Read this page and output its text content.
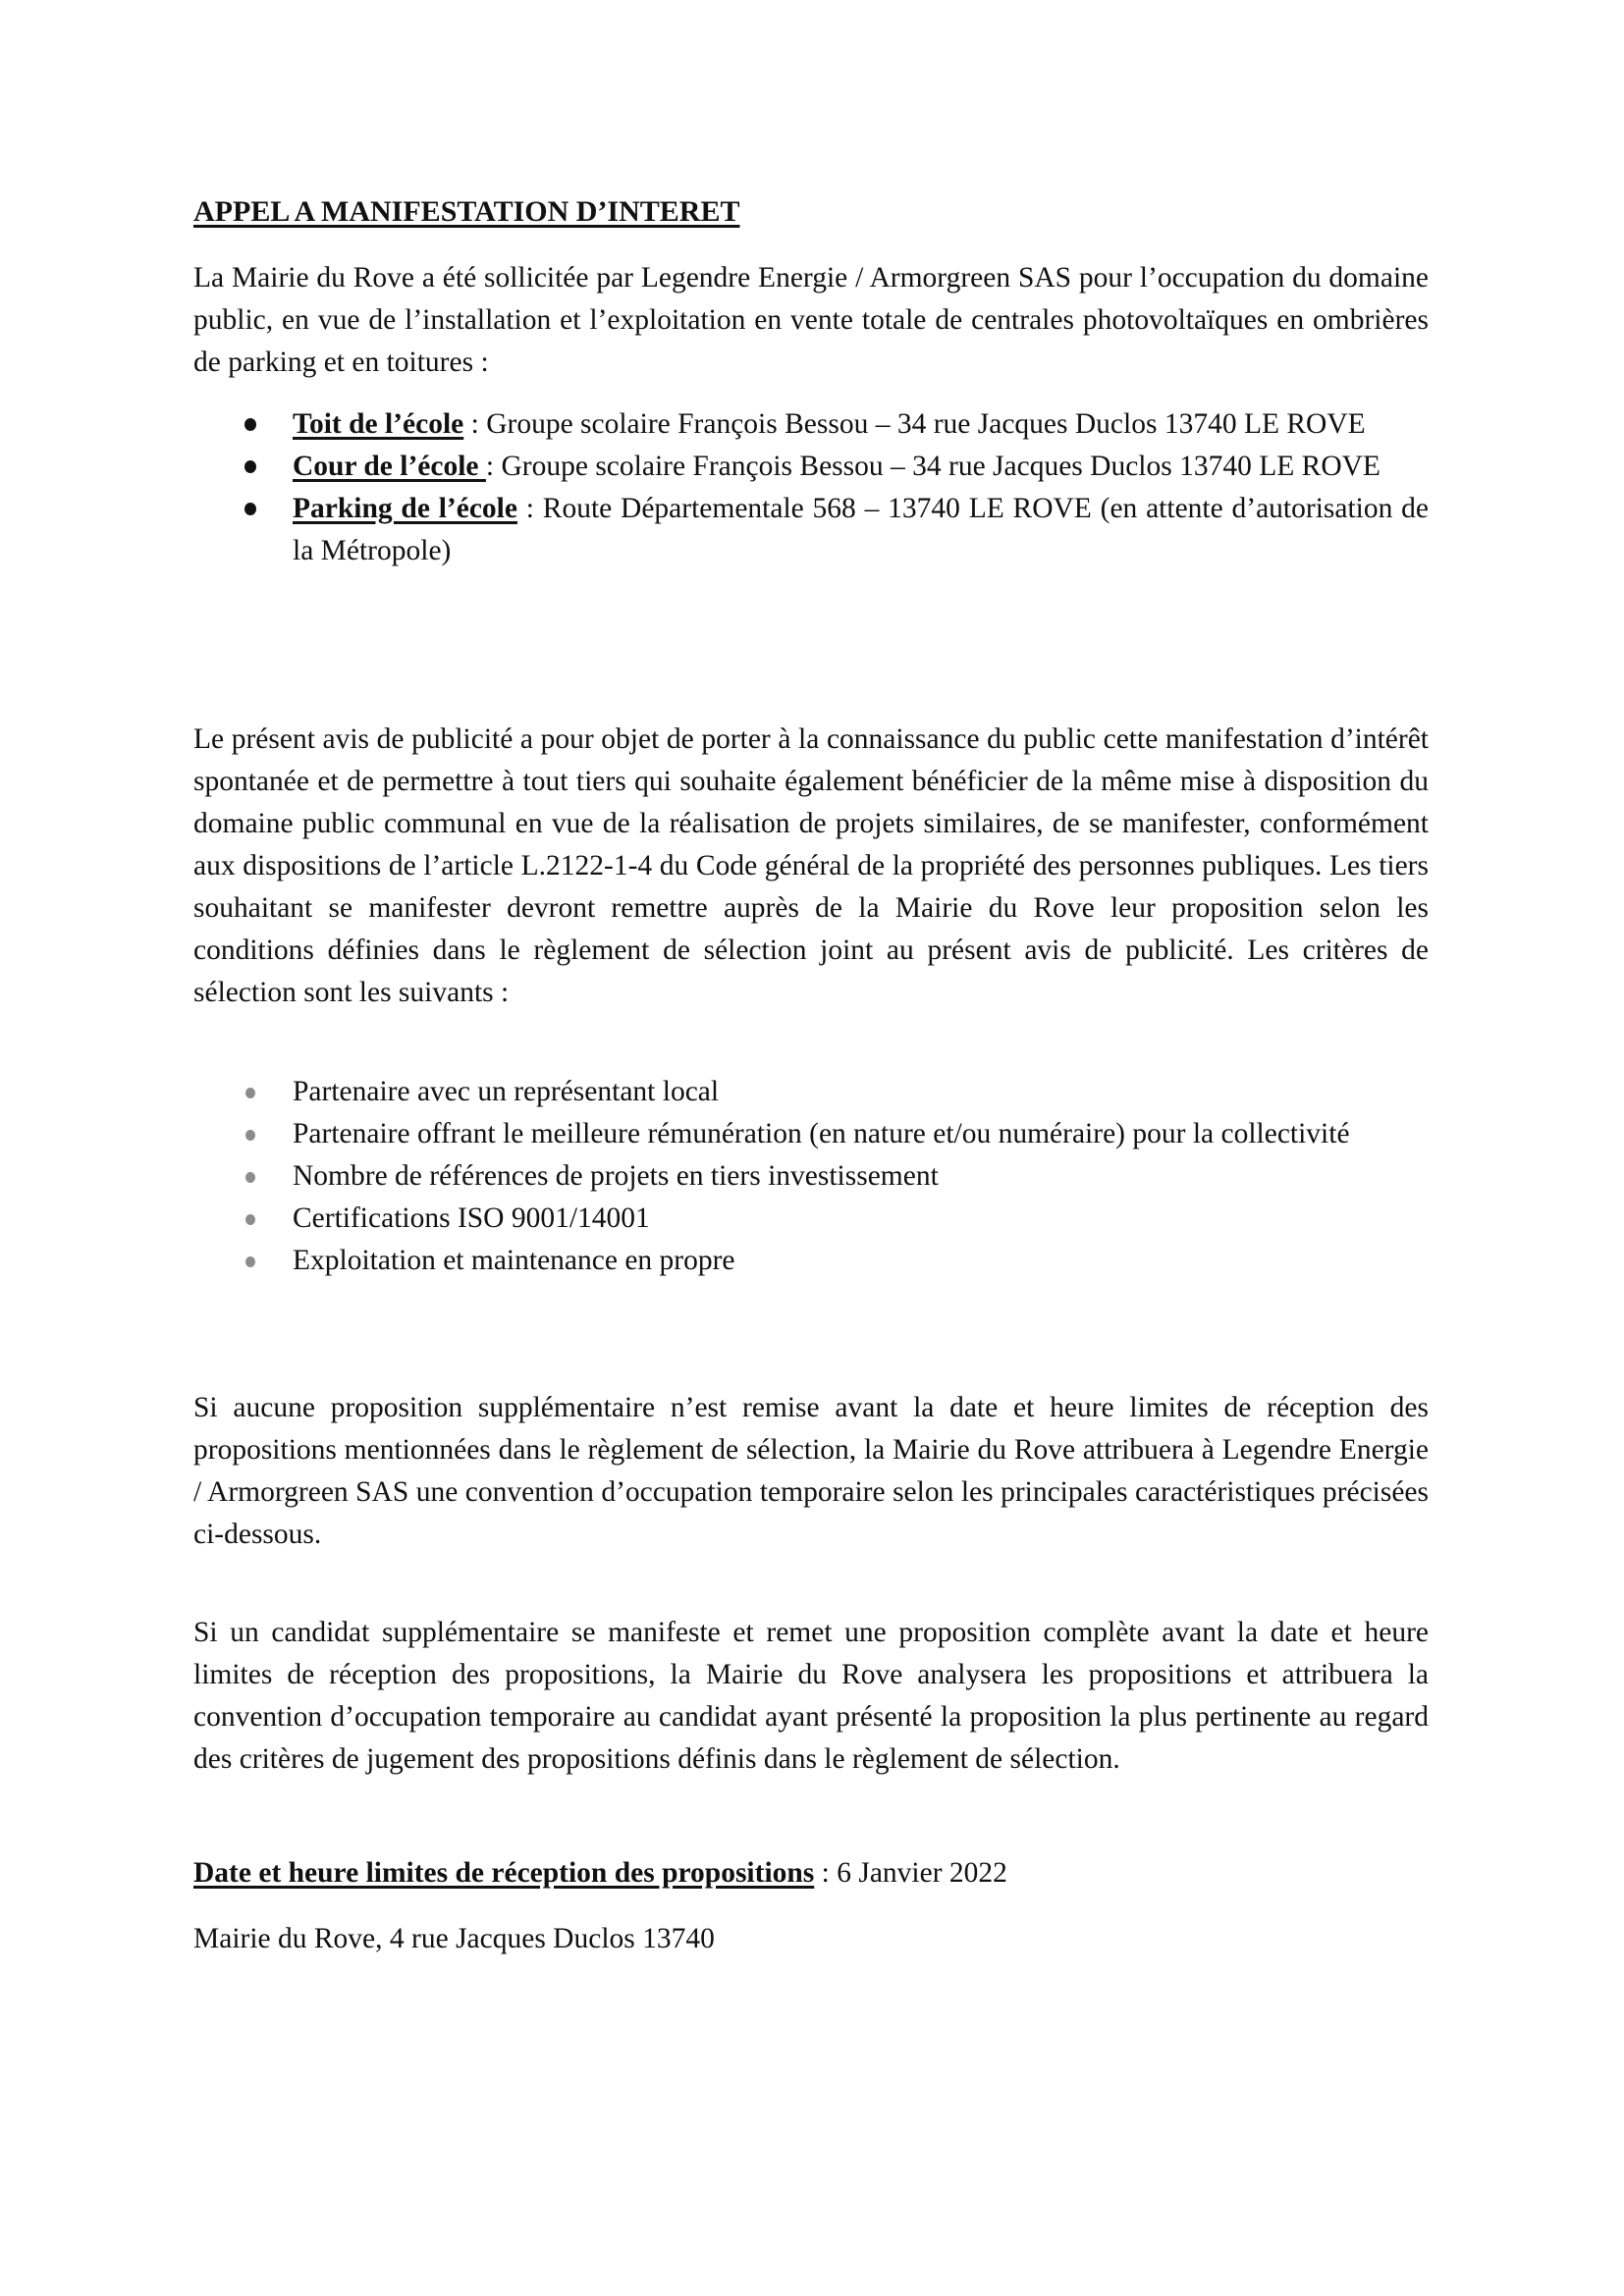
APPEL A MANIFESTATION D’INTERET

La Mairie du Rove a été sollicitée par Legendre Energie / Armorgreen SAS pour l’occupation du domaine public, en vue de l’installation et l’exploitation en vente totale de centrales photovoltaïques en ombrières de parking et en toitures :

Toit de l’école : Groupe scolaire François Bessou – 34 rue Jacques Duclos 13740 LE ROVE
Cour de l’école : Groupe scolaire François Bessou – 34 rue Jacques Duclos 13740 LE ROVE
Parking de l’école : Route Départementale 568 – 13740 LE ROVE (en attente d’autorisation de la Métropole)

Le présent avis de publicité a pour objet de porter à la connaissance du public cette manifestation d’intérêt spontanée et de permettre à tout tiers qui souhaite également bénéficier de la même mise à disposition du domaine public communal en vue de la réalisation de projets similaires, de se manifester, conformément aux dispositions de l’article L.2122-1-4 du Code général de la propriété des personnes publiques. Les tiers souhaitant se manifester devront remettre auprès de la Mairie du Rove leur proposition selon les conditions définies dans le règlement de sélection joint au présent avis de publicité. Les critères de sélection sont les suivants :

Partenaire avec un représentant local
Partenaire offrant le meilleure rémunération (en nature et/ou numéraire) pour la collectivité
Nombre de références de projets en tiers investissement
Certifications ISO 9001/14001
Exploitation et maintenance en propre

Si aucune proposition supplémentaire n’est remise avant la date et heure limites de réception des propositions mentionnées dans le règlement de sélection, la Mairie du Rove attribuera à Legendre Energie / Armorgreen SAS une convention d’occupation temporaire selon les principales caractéristiques précisées ci-dessous.

Si un candidat supplémentaire se manifeste et remet une proposition complète avant la date et heure limites de réception des propositions, la Mairie du Rove analysera les propositions et attribuera la convention d’occupation temporaire au candidat ayant présenté la proposition la plus pertinente au regard des critères de jugement des propositions définis dans le règlement de sélection.

Date et heure limites de réception des propositions : 6 Janvier 2022

Mairie du Rove, 4 rue Jacques Duclos 13740
